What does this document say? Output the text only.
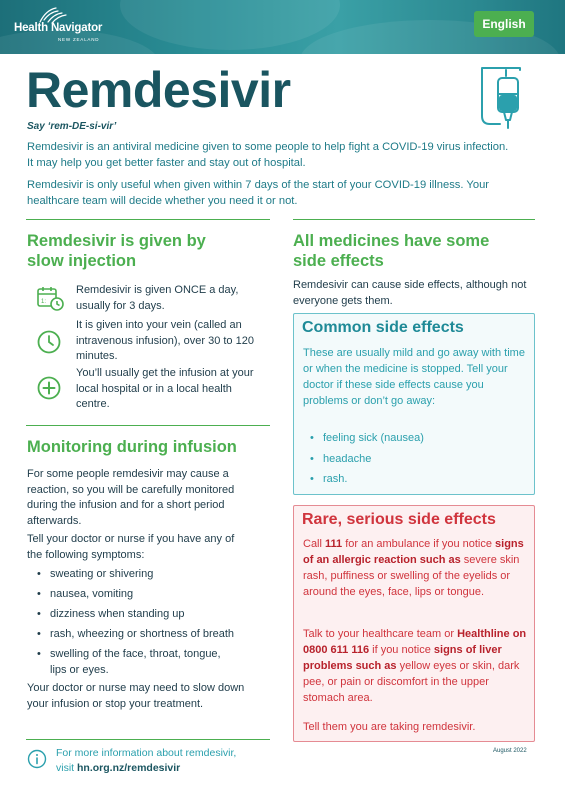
Health Navigator
NEW ZEALAND
English
Remdesivir
Say ‘rem-DE-si-vir’

Remdesivir is an antiviral medicine given to some people to help fight a COVID-19 virus infection. It may help you get better faster and stay out of hospital.

Remdesivir is only useful when given within 7 days of the start of your COVID-19 illness. Your healthcare team will decide whether you need it or not.

Remdesivir is given by slow injection
1:
Remdesivir is given ONCE a day, usually for 3 days.
It is given into your vein (called an intravenous infusion), over 30 to 120 minutes.
You’ll usually get the infusion at your local hospital or in a local health centre.
Monitoring during infusion

For some people remdesivir may cause a reaction, so you will be carefully monitored during the infusion and for a short period afterwards.

Tell your doctor or nurse if you have any of the following symptoms:

• sweating or shivering
• nausea, vomiting
• dizziness when standing up
• rash, wheezing or shortness of breath
• swelling of the face, throat, tongue, lips or eyes.

Your doctor or nurse may need to slow down your infusion or stop your treatment.

All medicines have some side effects

Remdesivir can cause side effects, although not everyone gets them.

Common side effects

These are usually mild and go away with time or when the medicine is stopped. Tell your doctor if these side effects cause you problems or don’t go away:

• feeling sick (nausea)
• headache
• rash.
Rare, serious side effects

Call 111 for an ambulance if you notice signs of an allergic reaction such as severe skin rash, puffiness or swelling of the eyelids or around the eyes, face, lips or tongue.

Talk to your healthcare team or Healthline on 0800 611 116 if you notice signs of liver problems such as yellow eyes or skin, dark pee, or pain or discomfort in the upper stomach area.

Tell them you are taking remdesivir.

For more information about remdesivir,
visit hn.org.nz/remdesivir
August 2022
